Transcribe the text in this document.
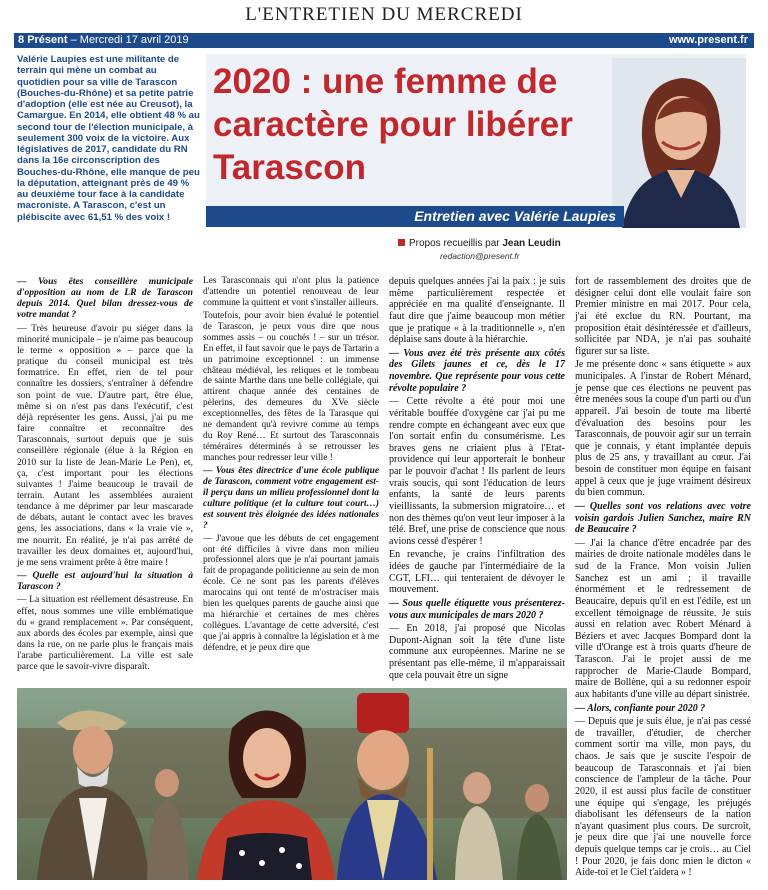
L'ENTRETIEN DU MERCREDI
8 Présent – Mercredi 17 avril 2019	www.present.fr

Valérie Laupies est une militante de terrain qui mène un combat au quotidien pour sa ville de Tarascon (Bouches-du-Rhône) et sa petite patrie d'adoption (elle est née au Creusot), la Camargue. En 2014, elle obtient 48 % au second tour de l'élection municipale, à seulement 300 voix de la victoire. Aux législatives de 2017, candidate du RN dans la 16e circonscription des Bouches-du-Rhône, elle manque de peu la députation, atteignant près de 49 % au deuxième tour face à la candidate macroniste. A Tarascon, c'est un plébiscite avec 61,51 % des voix !

2020 : une femme de caractère pour libérer Tarascon
Entretien avec Valérie Laupies
Propos recueillis par Jean Leudin
redaction@present.fr

— Vous êtes conseillère municipale d'opposition au nom de LR de Tarascon depuis 2014. Quel bilan dressez-vous de votre mandat ?

— Très heureuse d'avoir pu siéger dans la minorité municipale – je n'aime pas beaucoup le terme « opposition » – parce que la pratique du conseil municipal est très formatrice. En effet, rien de tel pour connaître les dossiers, s'entraîner à défendre son point de vue. D'autre part, être élue, même si on n'est pas dans l'exécutif, c'est déjà représenter les gens. Aussi, j'ai pu me faire connaître et reconnaître des Tarasconnais, surtout depuis que je suis conseillère régionale (élue à la Région en 2010 sur la liste de Jean-Marie Le Pen), et, ça, c'est important pour les élections suivantes ! J'aime beaucoup le travail de terrain. Autant les assemblées auraient tendance à me déprimer par leur mascarade de débats, autant le contact avec les braves gens, les associations, dans « la vraie vie », me nourrit. En réalité, je n'ai pas arrêté de travailler les deux domaines et, aujourd'hui, je me sens vraiment prête à être maire !

— Quelle est aujourd'hui la situation à Tarascon ?

— La situation est réellement désastreuse. En effet, nous sommes une ville emblématique du « grand remplacement ». Par conséquent, aux abords des écoles par exemple, ainsi que dans la rue, on ne parle plus le français mais l'arabe particulièrement. La ville est sale parce que le savoir-vivre disparaît.

Les Tarasconnais qui n'ont plus la patience d'attendre un potentiel renouveau de leur commune la quittent et vont s'installer ailleurs.

Toutefois, pour avoir bien évalué le potentiel de Tarascon, je peux vous dire que nous sommes assis – ou couchés ! – sur un trésor. En effet, il faut savoir que le pays de Tartarin a un patrimoine exceptionnel : un immense château médiéval, les reliques et le tombeau de sainte Marthe dans une belle collégiale, qui attirent chaque année des centaines de pèlerins, des demeures du XVe siècle exceptionnelles, des fêtes de la Tarasque qui ne demandent qu'à revivre comme au temps du Roy René… Et surtout des Tarasconnais téméraires déterminés à se retrousser les manches pour redresser leur ville !

— Vous êtes directrice d'une école publique de Tarascon, comment votre engagement est-il perçu dans un milieu professionnel dont la culture politique (et la culture tout court…) est souvent très éloignée des idées nationales ?

— J'avoue que les débuts de cet engagement ont été difficiles à vivre dans mon milieu professionnel alors que je n'ai pourtant jamais fait de propagande politicienne au sein de mon école. Ce ne sont pas les parents d'élèves marocains qui ont tenté de m'ostraciser mais bien les quelques parents de gauche ainsi que ma hiérarchie et certaines de mes chères collègues. L'avantage de cette adversité, c'est que j'ai appris à connaître la législation et à me défendre, et je peux dire que

depuis quelques années j'ai la paix : je suis même particulièrement respectée et appréciée en ma qualité d'enseignante. Il faut dire que j'aime beaucoup mon métier que je pratique « à la traditionnelle », n'en déplaise sans doute à la hiérarchie.

— Vous avez été très présente aux côtés des Gilets jaunes et ce, dès le 17 novembre. Que représente pour vous cette révolte populaire ?

— Cette révolte a été pour moi une véritable bouffée d'oxygène car j'ai pu me rendre compte en échangeant avec eux que l'on sortait enfin du consumérisme. Les braves gens ne criaient plus à l'Etat-providence qui leur apporterait le bonheur par le pouvoir d'achat ! Ils parlent de leurs vrais soucis, qui sont l'éducation de leurs enfants, la santé de leurs parents vieillissants, la submersion migratoire… et non des thèmes qu'on veut leur imposer à la télé. Bref, une prise de conscience que nous avions cessé d'espérer !

En revanche, je crains l'infiltration des idées de gauche par l'intermédiaire de la CGT, LFI… qui tenteraient de dévoyer le mouvement.

— Sous quelle étiquette vous présenterez-vous aux municipales de mars 2020 ?

— En 2018, j'ai proposé que Nicolas Dupont-Aignan soit la tête d'une liste commune aux européennes. Marine ne se présentant pas elle-même, il m'apparaissait que cela pouvait être un signe

fort de rassemblement des droites que de désigner celui dont elle voulait faire son Premier ministre en mai 2017. Pour cela, j'ai été exclue du RN. Pourtant, ma proposition était désintéressée et d'ailleurs, sollicitée par NDA, je n'ai pas souhaité figurer sur sa liste.

Je me présente donc « sans étiquette » aux municipales. A l'instar de Robert Ménard, je pense que ces élections ne peuvent pas être menées sous la coupe d'un parti ou d'un appareil. J'ai besoin de toute ma liberté d'évaluation des besoins pour les Tarasconnais, de pouvoir agir sur un terrain que je connais, y étant implantée depuis plus de 25 ans, y travaillant au cœur. J'ai besoin de constituer mon équipe en faisant appel à ceux que je juge vraiment désireux du bien commun.

— Quelles sont vos relations avec votre voisin gardois Julien Sanchez, maire RN de Beaucaire ?

— J'ai la chance d'être encadrée par des mairies de droite nationale modèles dans le sud de la France. Mon voisin Julien Sanchez est un ami ; il travaille énormément et le redressement de Beaucaire, depuis qu'il en est l'édile, est un excellent témoignage de réussite. Je suis aussi en relation avec Robert Ménard à Béziers et avec Jacques Bompard dont la ville d'Orange est à trois quarts d'heure de Tarascon. J'ai le projet aussi de me rapprocher de Marie-Claude Bompard, maire de Bollène, qui a su redonner espoir aux habitants d'une ville au départ sinistrée.

— Alors, confiante pour 2020 ?

— Depuis que je suis élue, je n'ai pas cessé de travailler, d'étudier, de chercher comment sortir ma ville, mon pays, du chaos. Je sais que je suscite l'espoir de beaucoup de Tarasconnais et j'ai bien conscience de l'ampleur de la tâche. Pour 2020, il est aussi plus facile de constituer une équipe qui s'engage, les préjugés diabolisant les défenseurs de la nation n'ayant quasiment plus cours. De surcroît, je peux dire que j'ai une nouvelle force depuis quelque temps car je crois… au Ciel ! Pour 2020, je fais donc mien le dicton « Aide-toi et le Ciel t'aidera » !
